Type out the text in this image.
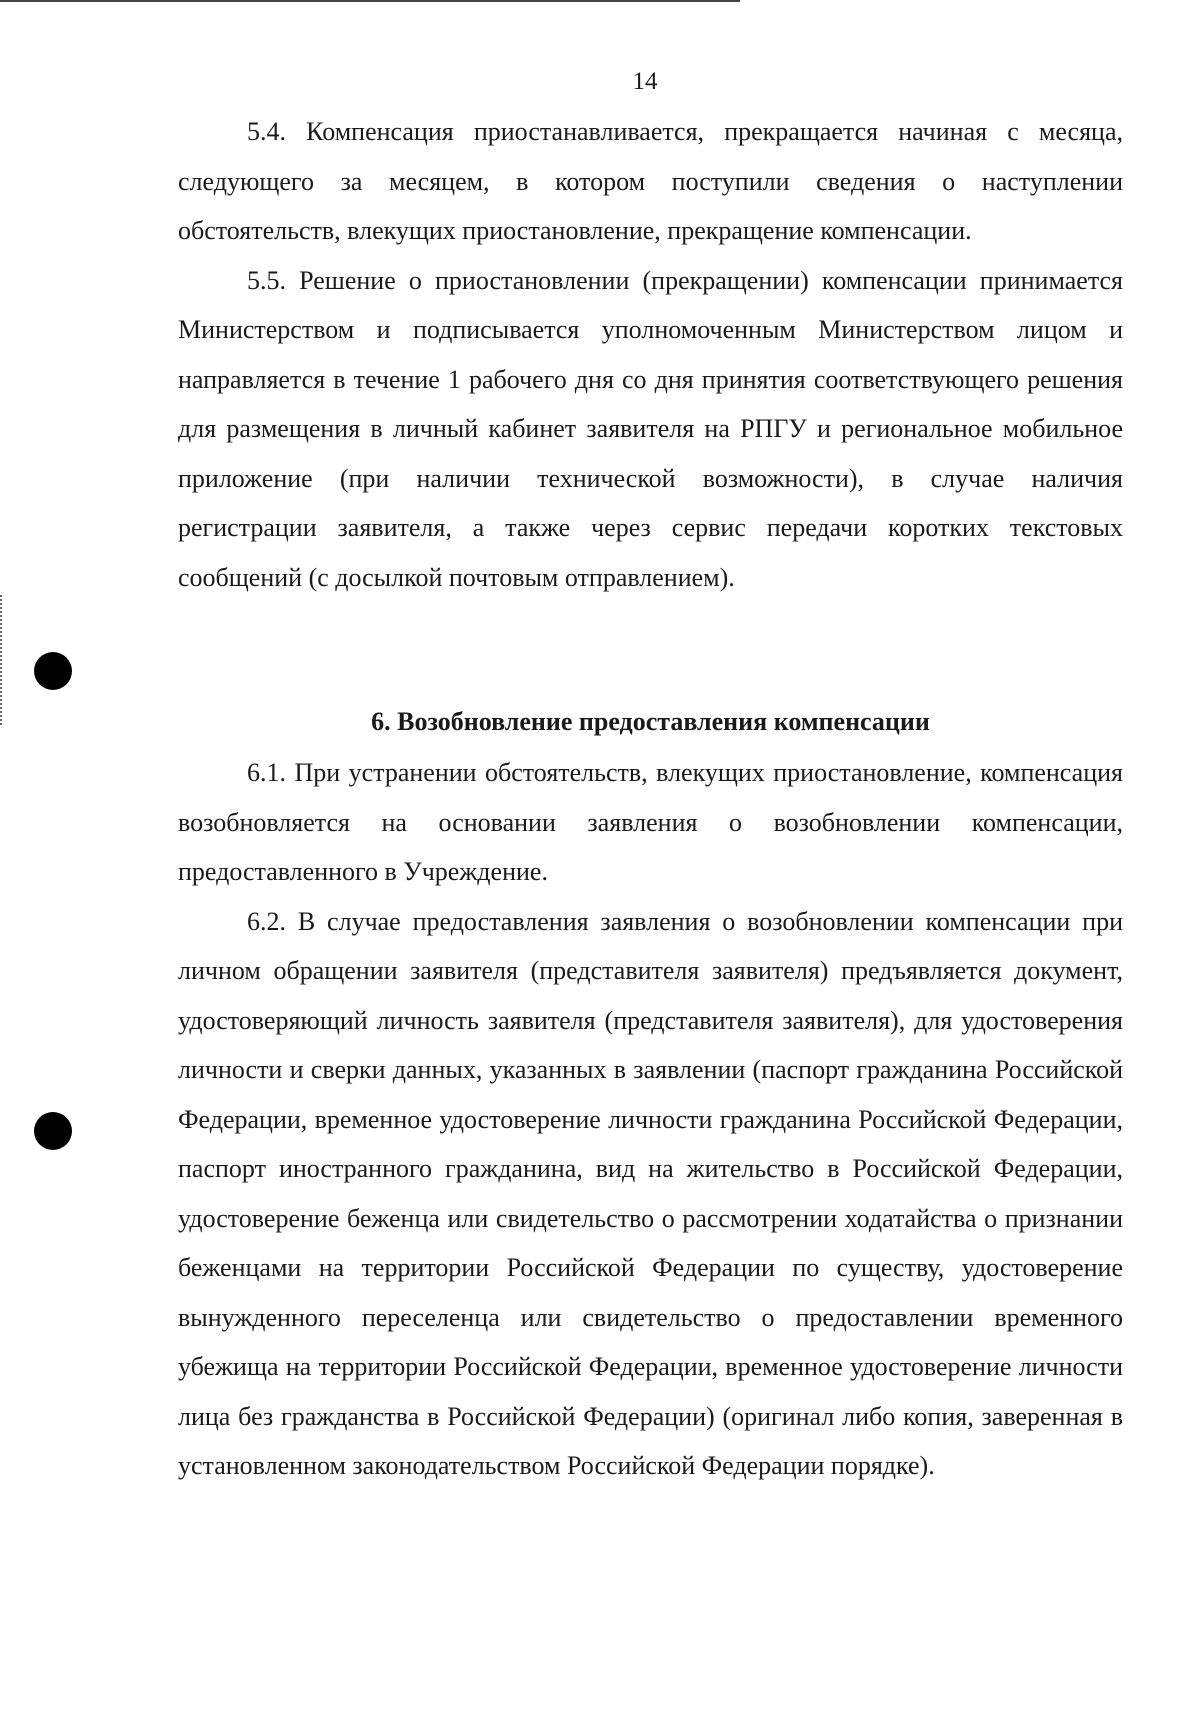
14

5.4. Компенсация приостанавливается, прекращается начиная с месяца, следующего за месяцем, в котором поступили сведения о наступлении обстоятельств, влекущих приостановление, прекращение компенсации.

5.5. Решение о приостановлении (прекращении) компенсации принимается Министерством и подписывается уполномоченным Министерством лицом и направляется в течение 1 рабочего дня со дня принятия соответствующего решения для размещения в личный кабинет заявителя на РПГУ и региональное мобильное приложение (при наличии технической возможности), в случае наличия регистрации заявителя, а также через сервис передачи коротких текстовых сообщений (с досылкой почтовым отправлением).

6. Возобновление предоставления компенсации

6.1. При устранении обстоятельств, влекущих приостановление, компенсация возобновляется на основании заявления о возобновлении компенсации, предоставленного в Учреждение.

6.2. В случае предоставления заявления о возобновлении компенсации при личном обращении заявителя (представителя заявителя) предъявляется документ, удостоверяющий личность заявителя (представителя заявителя), для удостоверения личности и сверки данных, указанных в заявлении (паспорт гражданина Российской Федерации, временное удостоверение личности гражданина Российской Федерации, паспорт иностранного гражданина, вид на жительство в Российской Федерации, удостоверение беженца или свидетельство о рассмотрении ходатайства о признании беженцами на территории Российской Федерации по существу, удостоверение вынужденного переселенца или свидетельство о предоставлении временного убежища на территории Российской Федерации, временное удостоверение личности лица без гражданства в Российской Федерации) (оригинал либо копия, заверенная в установленном законодательством Российской Федерации порядке).
